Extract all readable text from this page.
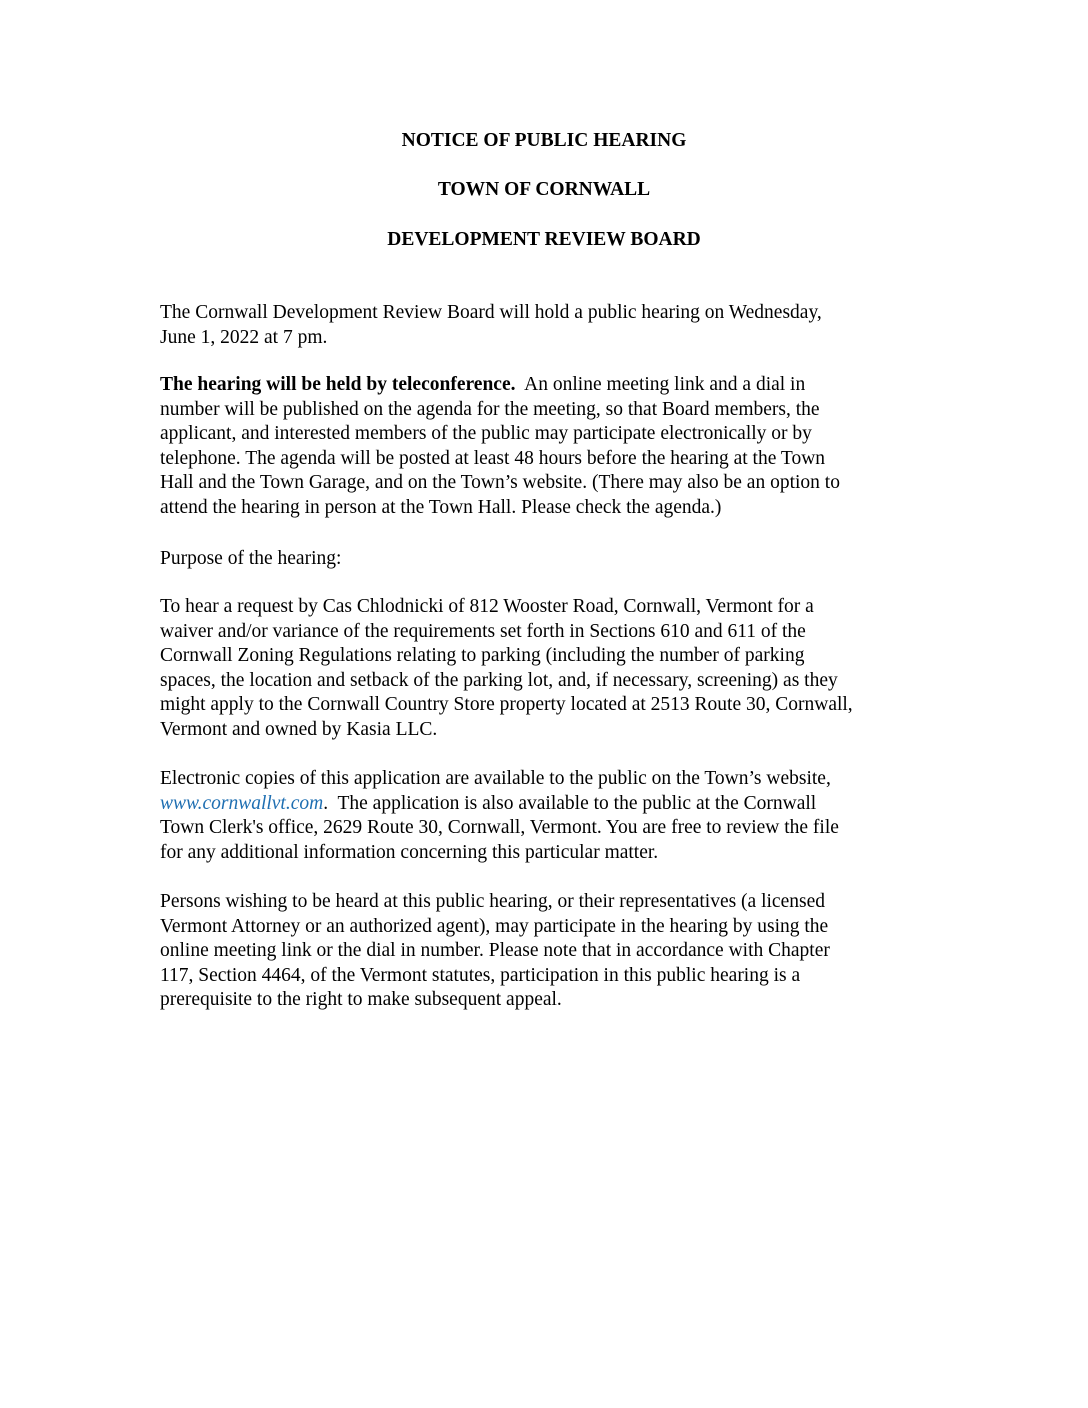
NOTICE OF PUBLIC HEARING

TOWN OF CORNWALL

DEVELOPMENT REVIEW BOARD

The Cornwall Development Review Board will hold a public hearing on Wednesday,
June 1, 2022 at 7 pm.
The hearing will be held by teleconference.  An online meeting link and a dial in
number will be published on the agenda for the meeting, so that Board members, the
applicant, and interested members of the public may participate electronically or by
telephone. The agenda will be posted at least 48 hours before the hearing at the Town
Hall and the Town Garage, and on the Town’s website. (There may also be an option to
attend the hearing in person at the Town Hall. Please check the agenda.)
Purpose of the hearing:
To hear a request by Cas Chlodnicki of 812 Wooster Road, Cornwall, Vermont for a
waiver and/or variance of the requirements set forth in Sections 610 and 611 of the
Cornwall Zoning Regulations relating to parking (including the number of parking
spaces, the location and setback of the parking lot, and, if necessary, screening) as they
might apply to the Cornwall Country Store property located at 2513 Route 30, Cornwall,
Vermont and owned by Kasia LLC.
Electronic copies of this application are available to the public on the Town’s website,
www.cornwallvt.com.  The application is also available to the public at the Cornwall
Town Clerk's office, 2629 Route 30, Cornwall, Vermont. You are free to review the file
for any additional information concerning this particular matter.
Persons wishing to be heard at this public hearing, or their representatives (a licensed
Vermont Attorney or an authorized agent), may participate in the hearing by using the
online meeting link or the dial in number. Please note that in accordance with Chapter
117, Section 4464, of the Vermont statutes, participation in this public hearing is a
prerequisite to the right to make subsequent appeal.
